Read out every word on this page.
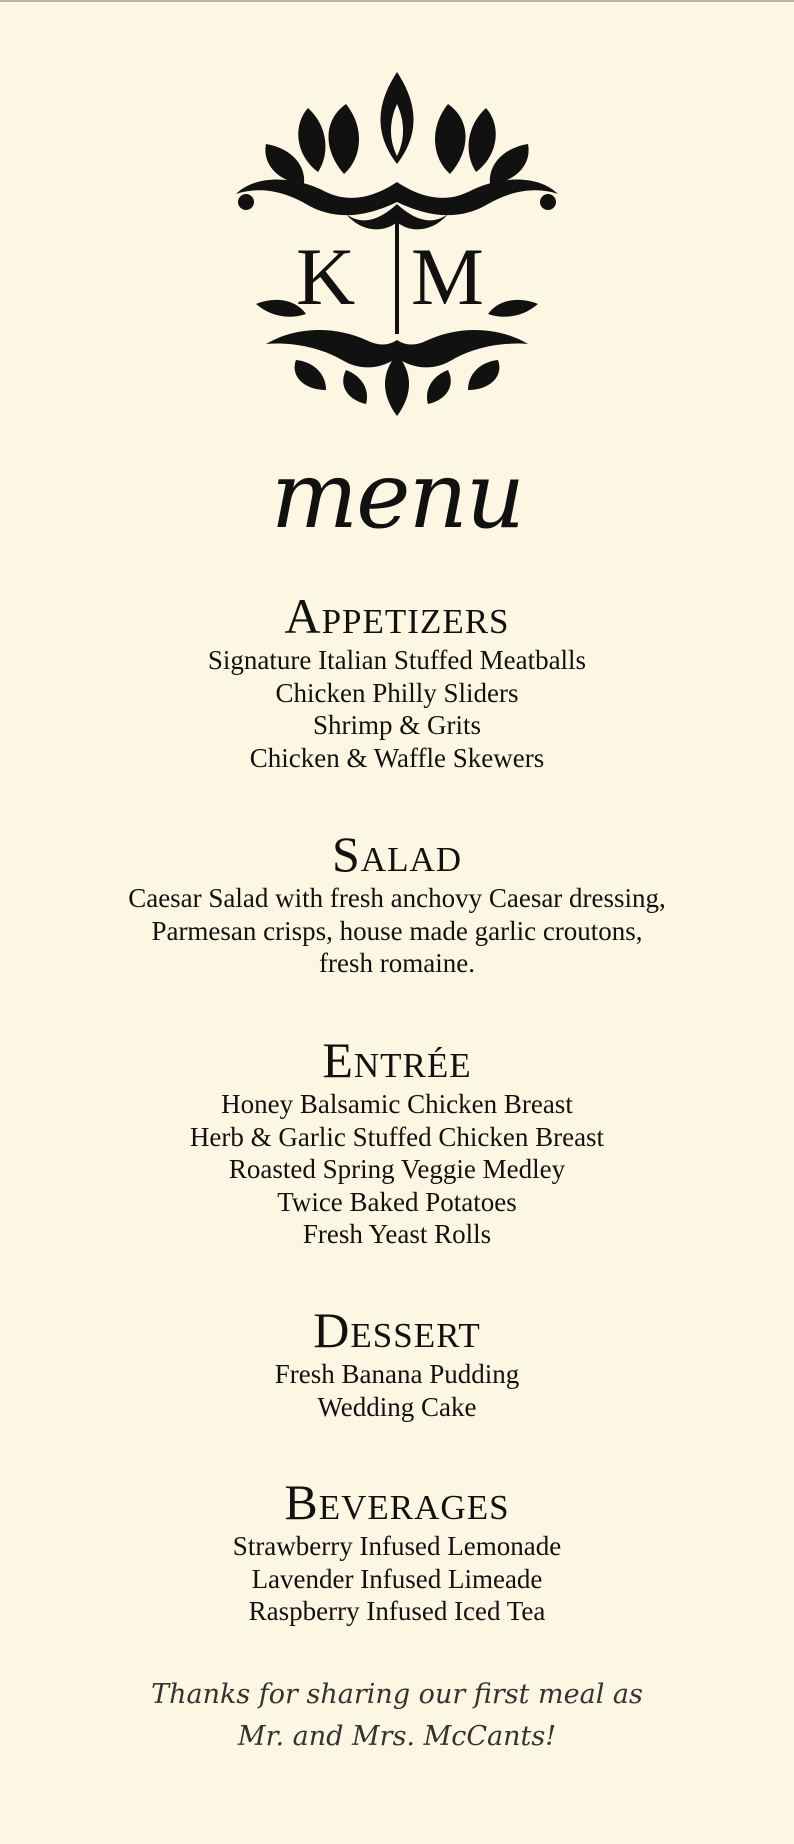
K M
menu
Appetizers
Signature Italian Stuffed Meatballs
Chicken Philly Sliders
Shrimp & Grits
Chicken & Waffle Skewers
Salad
Caesar Salad with fresh anchovy Caesar dressing,
Parmesan crisps, house made garlic croutons,
fresh romaine.
Entrée
Honey Balsamic Chicken Breast
Herb & Garlic Stuffed Chicken Breast
Roasted Spring Veggie Medley
Twice Baked Potatoes
Fresh Yeast Rolls
Dessert
Fresh Banana Pudding
Wedding Cake
Beverages
Strawberry Infused Lemonade
Lavender Infused Limeade
Raspberry Infused Iced Tea
Thanks for sharing our first meal as
Mr. and Mrs. McCants!
